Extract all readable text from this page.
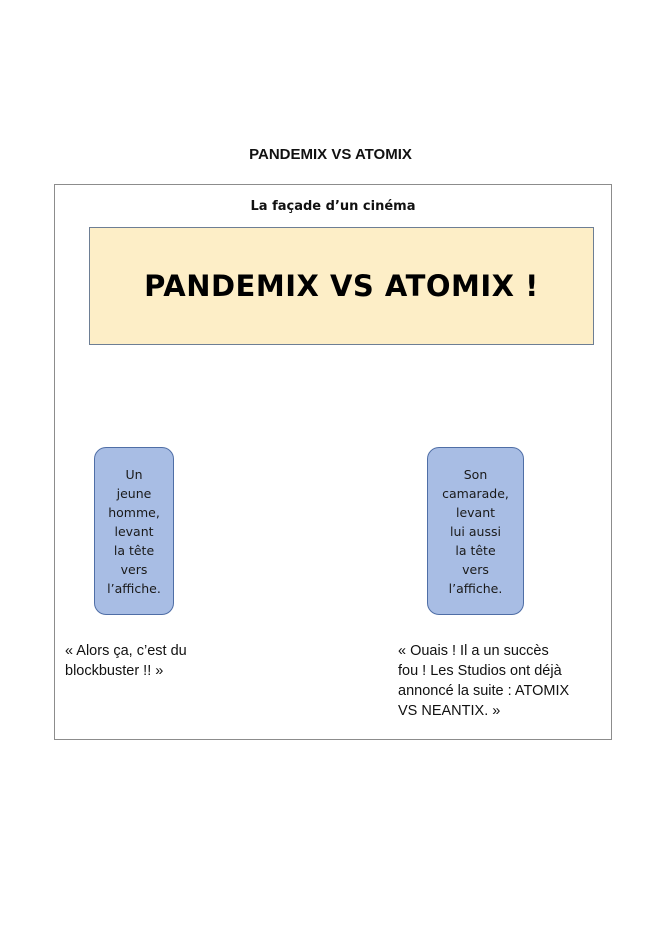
PANDEMIX VS ATOMIX
La façade d’un cinéma
PANDEMIX VS ATOMIX !
Un
jeune
homme,
levant
la tête
vers
l’affiche.
Son
camarade,
levant
lui aussi
la tête
vers
l’affiche.
« Alors ça, c’est du
blockbuster !! »
« Ouais ! Il a un succès
fou ! Les Studios ont déjà
annoncé la suite : ATOMIX
VS NEANTIX. »
